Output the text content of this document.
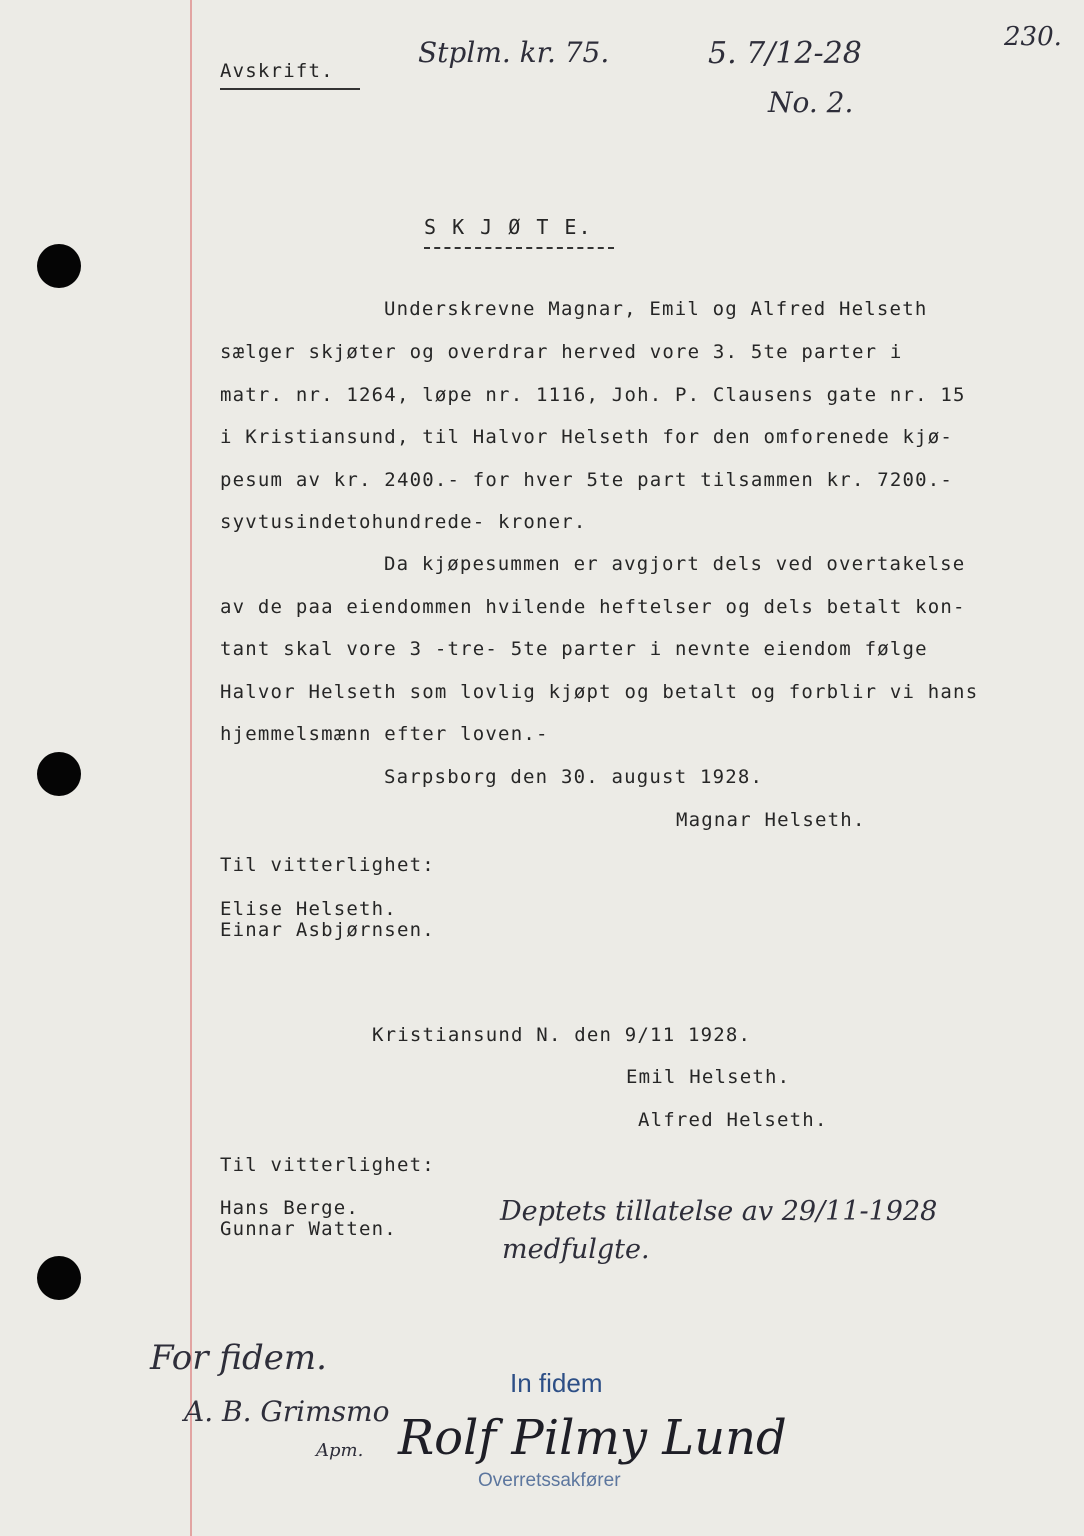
Avskrift.
Stplm. kr. 75.	5. 7/12-28
No. 2.
230.
S K J Ø T E.
Underskrevne Magnar, Emil og Alfred Helseth
sælger skjøter og overdrar herved vore 3. 5te parter i
matr. nr. 1264, løpe nr. 1116, Joh. P. Clausens gate nr. 15
i Kristiansund, til Halvor Helseth for den omforenede kjø-
pesum av kr. 2400.- for hver 5te part tilsammen kr. 7200.-
syvtusindetohundrede- kroner.
Da kjøpesummen er avgjort dels ved overtakelse
av de paa eiendommen hvilende heftelser og dels betalt kon-
tant skal vore 3 -tre- 5te parter i nevnte eiendom følge
Halvor Helseth som lovlig kjøpt og betalt og forblir vi hans
hjemmelsmænn efter loven.-
Sarpsborg den 30. august 1928.
Magnar Helseth.
Til vitterlighet:
Elise Helseth.
Einar Asbjørnsen.
Kristiansund N. den 9/11 1928.
Emil Helseth.
Alfred Helseth.
Til vitterlighet:
Hans Berge.
Gunnar Watten.
Deptets tillatelse av 29/11-1928
medfulgte.
For fidem.
A. B. Grimsmo
Apm.
In fidem
Rolf Pilmy Lund
Overretssakfører
